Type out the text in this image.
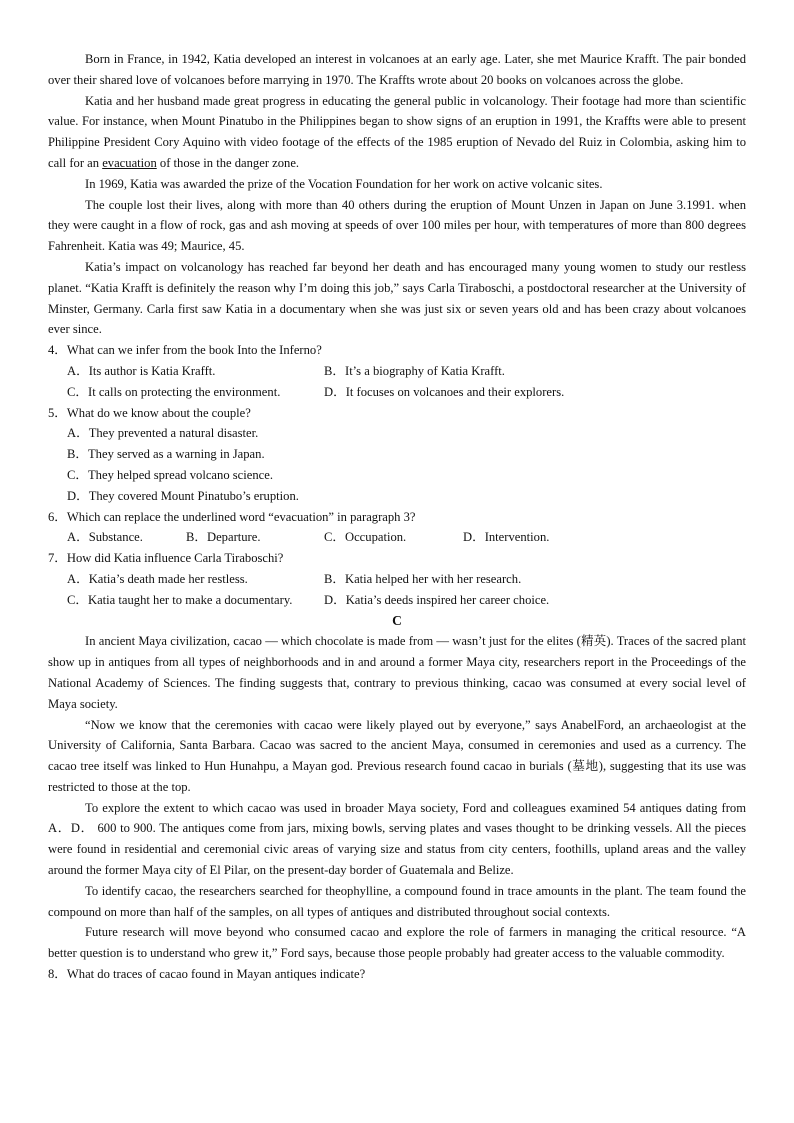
Born in France, in 1942, Katia developed an interest in volcanoes at an early age. Later, she met Maurice Krafft. The pair bonded over their shared love of volcanoes before marrying in 1970. The Kraffts wrote about 20 books on volcanoes across the globe.

Katia and her husband made great progress in educating the general public in volcanology. Their footage had more than scientific value. For instance, when Mount Pinatubo in the Philippines began to show signs of an eruption in 1991, the Kraffts were able to present Philippine President Cory Aquino with video footage of the effects of the 1985 eruption of Nevado del Ruiz in Colombia, asking him to call for an evacuation of those in the danger zone.

In 1969, Katia was awarded the prize of the Vocation Foundation for her work on active volcanic sites.

The couple lost their lives, along with more than 40 others during the eruption of Mount Unzen in Japan on June 3.1991. when they were caught in a flow of rock, gas and ash moving at speeds of over 100 miles per hour, with temperatures of more than 800 degrees Fahrenheit. Katia was 49; Maurice, 45.

Katia’s impact on volcanology has reached far beyond her death and has encouraged many young women to study our restless planet. “Katia Krafft is definitely the reason why I’m doing this job,” says Carla Tiraboschi, a postdoctoral researcher at the University of Minster, Germany. Carla first saw Katia in a documentary when she was just six or seven years old and has been crazy about volcanoes ever since.

4．What can we infer from the book Into the Inferno?

A．Its author is Katia Krafft.	B．It’s a biography of Katia Krafft.
C．It calls on protecting the environment.	D．It focuses on volcanoes and their explorers.

5．What do we know about the couple?

A．They prevented a natural disaster.

B．They served as a warning in Japan.

C．They helped spread volcano science.

D．They covered Mount Pinatubo’s eruption.

6．Which can replace the underlined word “evacuation” in paragraph 3?

A．Substance.	B．Departure.	C．Occupation.	D．Intervention.

7．How did Katia influence Carla Tiraboschi?

A．Katia’s death made her restless.	B．Katia helped her with her research.
C．Katia taught her to make a documentary.	D．Katia’s deeds inspired her career choice.

C

In ancient Maya civilization, cacao — which chocolate is made from — wasn’t just for the elites (精英). Traces of the sacred plant show up in antiques from all types of neighborhoods and in and around a former Maya city, researchers report in the Proceedings of the National Academy of Sciences. The finding suggests that, contrary to previous thinking, cacao was consumed at every social level of Maya society.

“Now we know that the ceremonies with cacao were likely played out by everyone,” says AnabelFord, an archaeologist at the University of California, Santa Barbara. Cacao was sacred to the ancient Maya, consumed in ceremonies and used as a currency. The cacao tree itself was linked to Hun Hunahpu, a Mayan god. Previous research found cacao in burials (墓地), suggesting that its use was restricted to those at the top.

To explore the extent to which cacao was used in broader Maya society, Ford and colleagues examined 54 antiques dating from A．D． 600 to 900. The antiques come from jars, mixing bowls, serving plates and vases thought to be drinking vessels. All the pieces were found in residential and ceremonial civic areas of varying size and status from city centers, foothills, upland areas and the valley around the former Maya city of El Pilar, on the present-day border of Guatemala and Belize.

To identify cacao, the researchers searched for theophylline, a compound found in trace amounts in the plant. The team found the compound on more than half of the samples, on all types of antiques and distributed throughout social contexts.

Future research will move beyond who consumed cacao and explore the role of farmers in managing the critical resource. “A better question is to understand who grew it,” Ford says, because those people probably had greater access to the valuable commodity.

8．What do traces of cacao found in Mayan antiques indicate?
